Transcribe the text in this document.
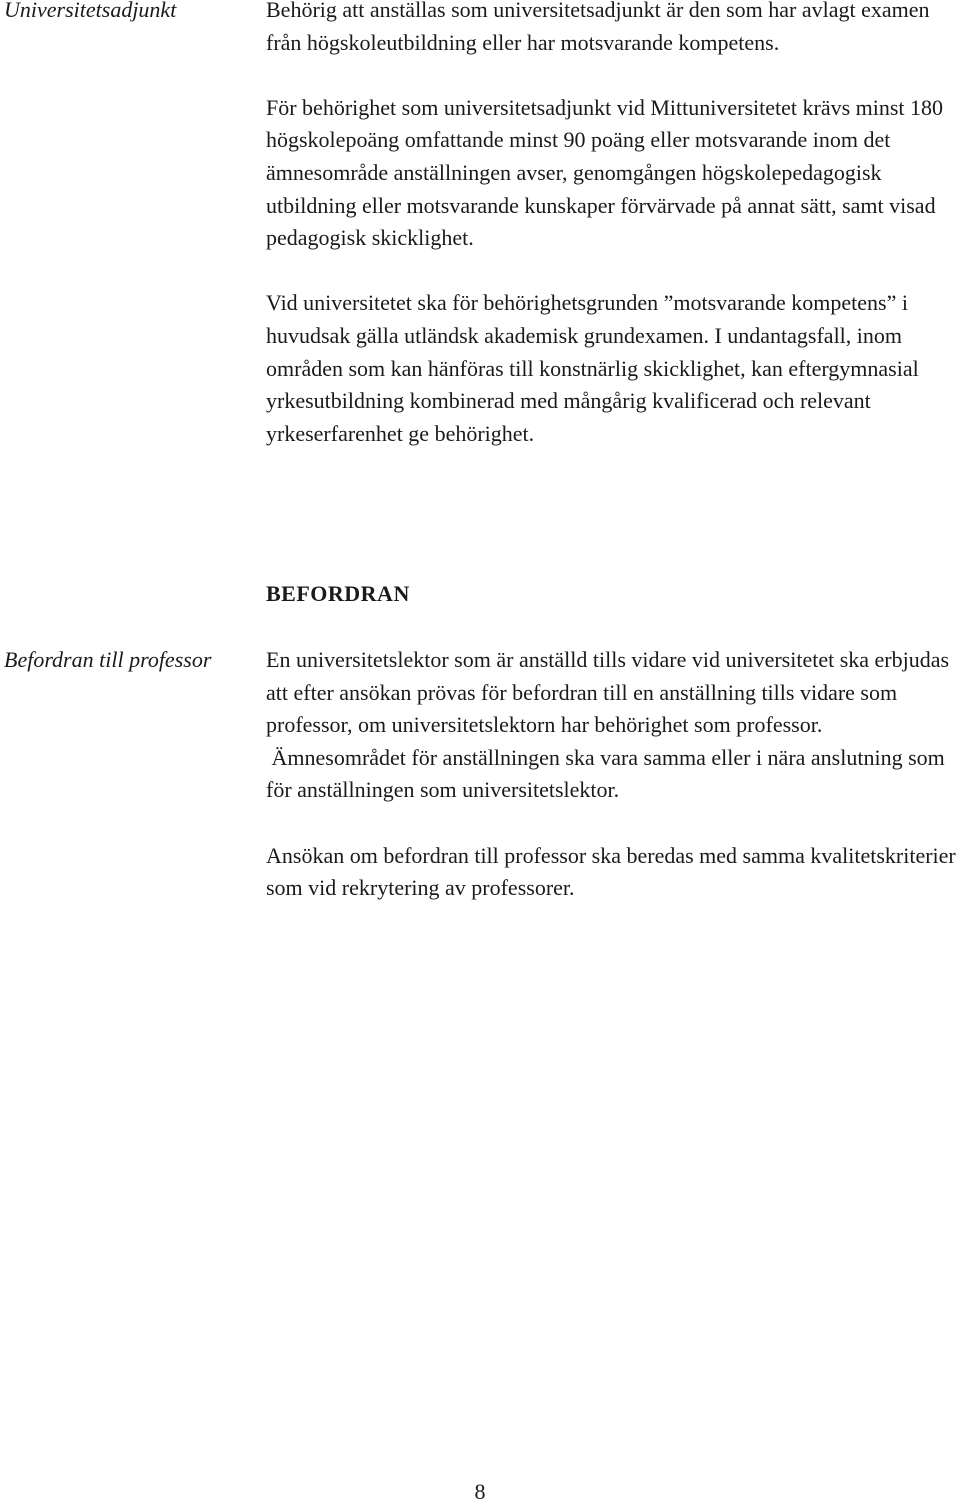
Universitetsadjunkt	Behörig att anställas som universitetsadjunkt är den som har avlagt examen från högskoleutbildning eller har motsvarande kompetens.

För behörighet som universitetsadjunkt vid Mittuniversitetet krävs minst 180 högskolepoäng omfattande minst 90 poäng eller motsvarande inom det ämnesområde anställningen avser, genomgången högskolepedagogisk utbildning eller motsvarande kunskaper förvärvade på annat sätt, samt visad pedagogisk skicklighet.

Vid universitetet ska för behörighetsgrunden ”motsvarande kompetens” i huvudsak gälla utländsk akademisk grundexamen. I undantagsfall, inom områden som kan hänföras till konstnärlig skicklighet, kan eftergymnasial yrkesutbildning kombinerad med mångårig kvalificerad och relevant yrkeserfarenhet ge behörighet.

BEFORDRAN
Befordran till professor En universitetslektor som är anställd tills vidare vid universitetet ska erbjudas att efter ansökan prövas för befordran till en anställning tills vidare som professor, om universitetslektorn har behörighet som professor.

Ämnesområdet för anställningen ska vara samma eller i nära anslutning som för anställningen som universitetslektor.

Ansökan om befordran till professor ska beredas med samma kvalitetskriterier som vid rekrytering av professorer.

8
